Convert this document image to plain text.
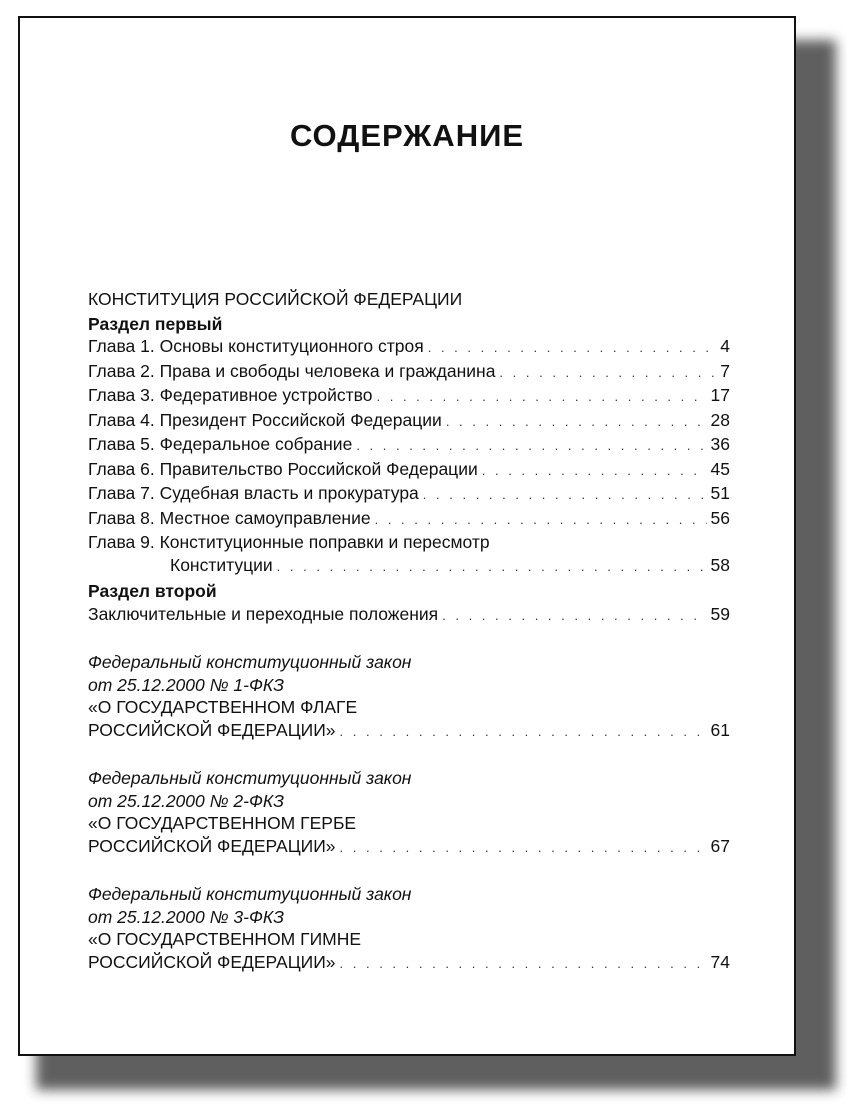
СОДЕРЖАНИЕ
КОНСТИТУЦИЯ РОССИЙСКОЙ ФЕДЕРАЦИИ
Раздел первый
Глава 1. Основы конституционного строя . . .	4
Глава 2. Права и свободы человека и гражданина . . .	7
Глава 3. Федеративное устройство . . .	17
Глава 4. Президент Российской Федерации . . .	28
Глава 5. Федеральное собрание . . .	36
Глава 6. Правительство Российской Федерации . . .	45
Глава 7. Судебная власть и прокуратура . . .	51
Глава 8. Местное самоуправление . . .	56
Глава 9. Конституционные поправки и пересмотр
Конституции . . .	58
Раздел второй
Заключительные и переходные положения . . .	59
Федеральный конституционный закон
от 25.12.2000 № 1-ФКЗ
«О ГОСУДАРСТВЕННОМ ФЛАГЕ
РОССИЙСКОЙ ФЕДЕРАЦИИ» . . .	61
Федеральный конституционный закон
от 25.12.2000 № 2-ФКЗ
«О ГОСУДАРСТВЕННОМ ГЕРБЕ
РОССИЙСКОЙ ФЕДЕРАЦИИ» . . .	67
Федеральный конституционный закон
от 25.12.2000 № 3-ФКЗ
«О ГОСУДАРСТВЕННОМ ГИМНЕ
РОССИЙСКОЙ ФЕДЕРАЦИИ» . . .	74
